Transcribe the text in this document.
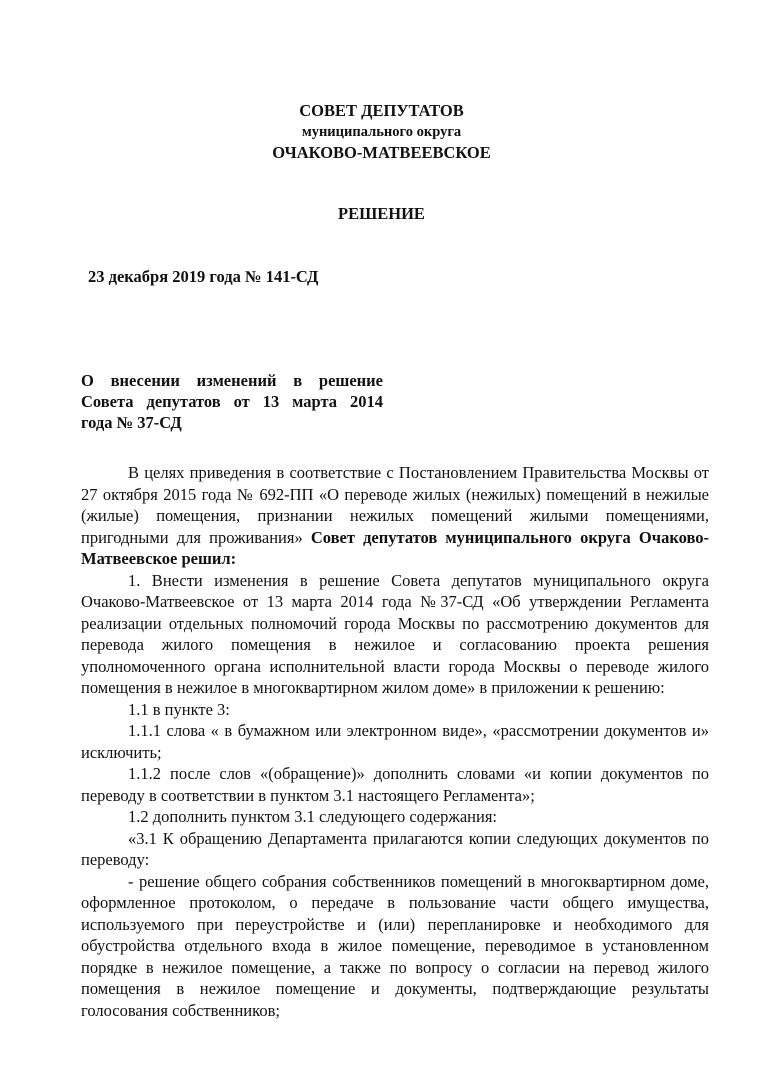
СОВЕТ ДЕПУТАТОВ
муниципального округа
ОЧАКОВО-МАТВЕЕВСКОЕ
РЕШЕНИЕ
23 декабря 2019 года № 141-СД
О внесении изменений в решение
Совета депутатов от 13 марта 2014
года № 37-СД

В целях приведения в соответствие с Постановлением Правительства Москвы от 27 октября 2015 года № 692-ПП «О переводе жилых (нежилых) помещений в нежилые (жилые) помещения, признании нежилых помещений жилыми помещениями, пригодными для проживания» Совет депутатов муниципального округа Очаково-Матвеевское решил:

1. Внести изменения в решение Совета депутатов муниципального округа Очаково-Матвеевское от 13 марта 2014 года №37-СД «Об утверждении Регламента реализации отдельных полномочий города Москвы по рассмотрению документов для перевода жилого помещения в нежилое и согласованию проекта решения уполномоченного органа исполнительной власти города Москвы о переводе жилого помещения в нежилое в многоквартирном жилом доме» в приложении к решению:

1.1 в пункте 3:

1.1.1 слова « в бумажном или электронном виде», «рассмотрении документов и» исключить;

1.1.2 после слов «(обращение)» дополнить словами «и копии документов по переводу в соответствии в пунктом 3.1 настоящего Регламента»;

1.2 дополнить пунктом 3.1 следующего содержания:

«3.1 К обращению Департамента прилагаются копии следующих документов по переводу:

- решение общего собрания собственников помещений в многоквартирном доме, оформленное протоколом, о передаче в пользование части общего имущества, используемого при переустройстве и (или) перепланировке и необходимого для обустройства отдельного входа в жилое помещение, переводимое в установленном порядке в нежилое помещение, а также по вопросу о согласии на перевод жилого помещения в нежилое помещение и документы, подтверждающие результаты голосования собственников;
